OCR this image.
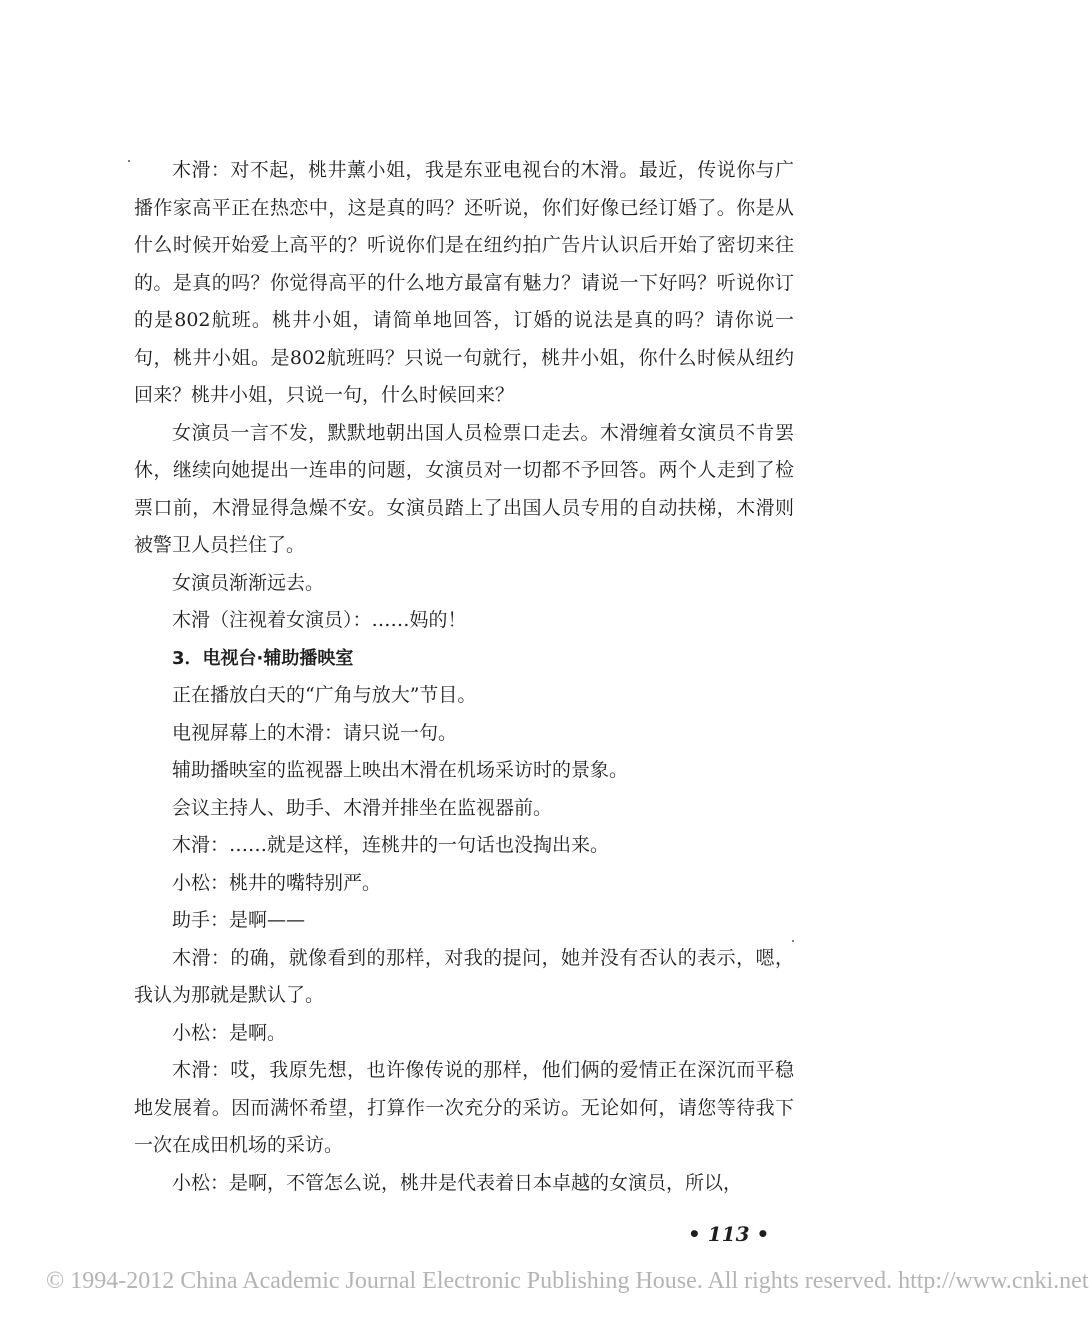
木滑：对不起，桃井薰小姐，我是东亚电视台的木滑。最近，传说你与广播作家高平正在热恋中，这是真的吗？还听说，你们好像已经订婚了。你是从什么时候开始爱上高平的？听说你们是在纽约拍广告片认识后开始了密切来往的。是真的吗？你觉得高平的什么地方最富有魅力？请说一下好吗？听说你订的是802航班。桃井小姐，请简单地回答，订婚的说法是真的吗？请你说一句，桃井小姐。是802航班吗？只说一句就行，桃井小姐，你什么时候从纽约回来？桃井小姐，只说一句，什么时候回来？

女演员一言不发，默默地朝出国人员检票口走去。木滑缠着女演员不肯罢休，继续向她提出一连串的问题，女演员对一切都不予回答。两个人走到了检票口前，木滑显得急燥不安。女演员踏上了出国人员专用的自动扶梯，木滑则被警卫人员拦住了。

女演员渐渐远去。

木滑（注视着女演员）：……妈的！

3．电视台·辅助播映室

正在播放白天的“广角与放大”节目。

电视屏幕上的木滑：请只说一句。

辅助播映室的监视器上映出木滑在机场采访时的景象。

会议主持人、助手、木滑并排坐在监视器前。

木滑：……就是这样，连桃井的一句话也没掏出来。

小松：桃井的嘴特别严。

助手：是啊——

木滑：的确，就像看到的那样，对我的提问，她并没有否认的表示，嗯，我认为那就是默认了。

小松：是啊。

木滑：哎，我原先想，也许像传说的那样，他们俩的爱情正在深沉而平稳地发展着。因而满怀希望，打算作一次充分的采访。无论如何，请您等待我下一次在成田机场的采访。

小松：是啊，不管怎么说，桃井是代表着日本卓越的女演员，所以，

• 113 •
© 1994-2012 China Academic Journal Electronic Publishing House. All rights reserved. http://www.cnki.net
